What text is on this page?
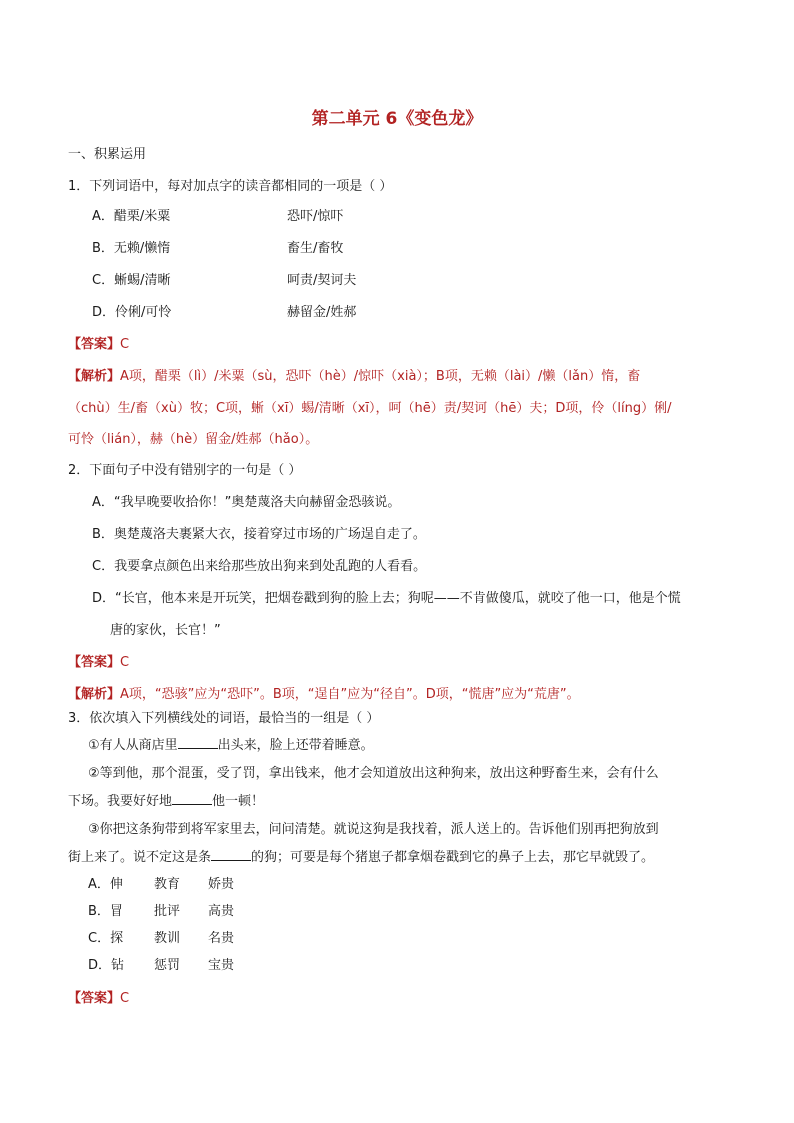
第二单元 6《变色龙》
一、积累运用
1．下列词语中，每对加点字的读音都相同的一项是（ ）
A．醋栗/米粟	恐吓/惊吓
B．无赖/懒惰	畜生/畜牧
C．蜥蜴/清晰	呵责/契诃夫
D．伶俐/可怜	赫留金/姓郝
【答案】C
【解析】A项，醋栗（lì）/米粟（sù，恐吓（hè）/惊吓（xià）；B项，无赖（lài）/懒（lǎn）惰，畜
（chù）生/畜（xù）牧；C项，蜥（xī）蜴/清晰（xī），呵（hē）责/契诃（hē）夫；D项，伶（líng）俐/
可怜（lián），赫（hè）留金/姓郝（hǎo）。
2．下面句子中没有错别字的一句是（ ）
A．“我早晚要收拾你！”奥楚蔑洛夫向赫留金恐骇说。
B．奥楚蔑洛夫裹紧大衣，接着穿过市场的广场逞自走了。
C．我要拿点颜色出来给那些放出狗来到处乱跑的人看看。
D．“长官，他本来是开玩笑，把烟卷戳到狗的脸上去；狗呢——不肯做傻瓜，就咬了他一口，他是个慌
唐的家伙，长官！”
【答案】C
【解析】A项，“恐骇”应为“恐吓”。B项，“逞自”应为“径自”。D项，“慌唐”应为“荒唐”。
3．依次填入下列横线处的词语，最恰当的一组是（ ）
①有人从商店里	出头来，脸上还带着睡意。
②等到他，那个混蛋，受了罚，拿出钱来，他才会知道放出这种狗来，放出这种野畜生来，会有什么
下场。我要好好地	他一顿！
③你把这条狗带到将军家里去，问问清楚。就说这狗是我找着，派人送上的。告诉他们别再把狗放到
街上来了。说不定这是条	的狗；可要是每个猪崽子都拿烟卷戳到它的鼻子上去，那它早就毁了。
A．伸 教育 娇贵
B．冒 批评 高贵
C．探 教训 名贵
D．钻 惩罚 宝贵
【答案】C
